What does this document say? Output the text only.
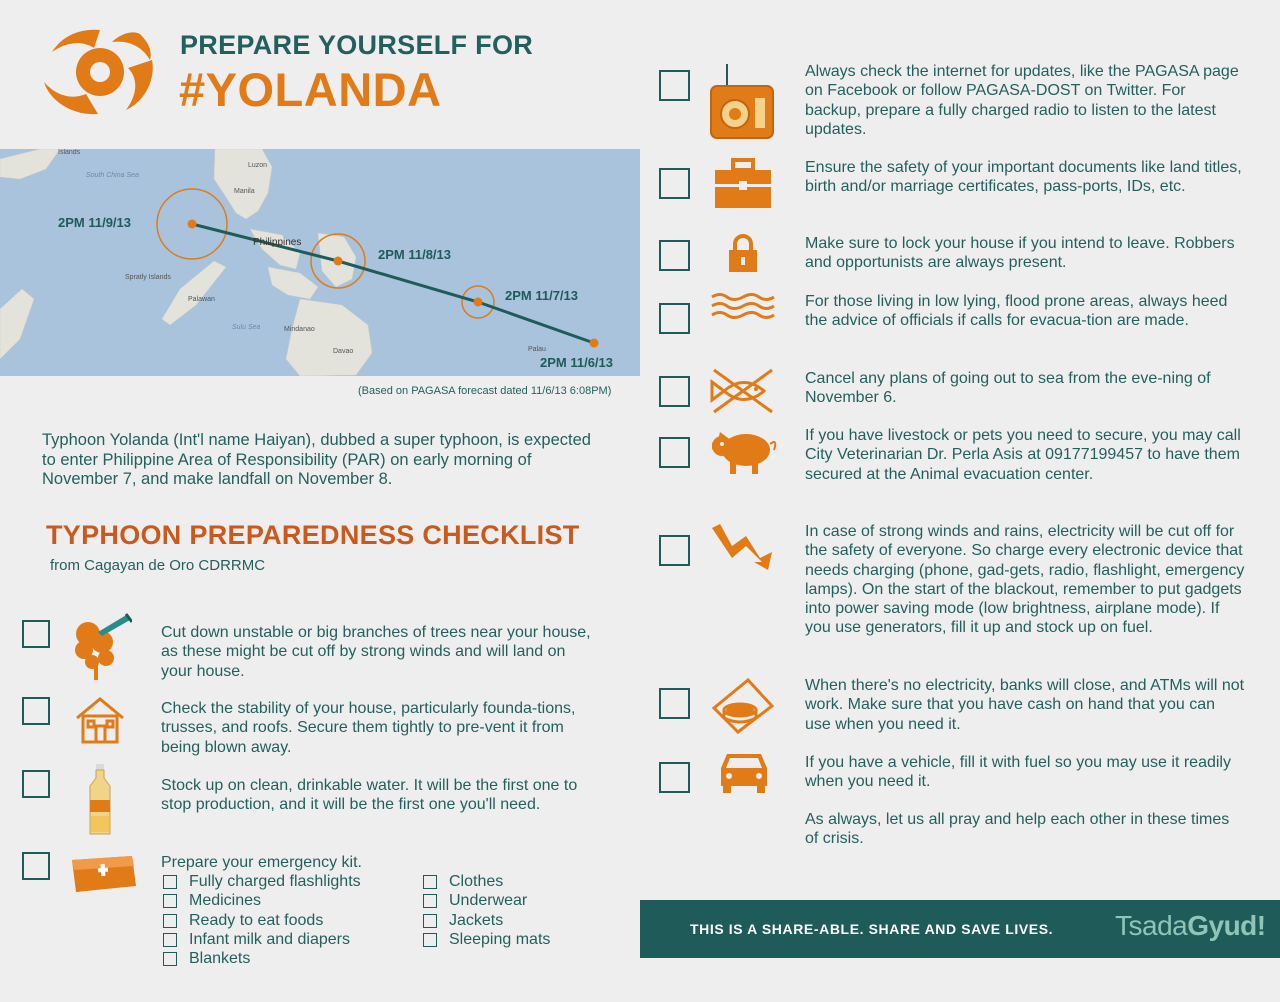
PREPARE YOURSELF FOR
#YOLANDA
Islands
South China Sea
Luzon
Manila
Spratly Islands
Palawan
Sulu Sea	Mindanao
Davao	Palau
Philippines
2PM 11/9/13
2PM 11/8/13
2PM 11/7/13
2PM 11/6/13
(Based on PAGASA forecast dated 11/6/13 6:08PM)
Typhoon Yolanda (Int'l name Haiyan), dubbed a super typhoon, is expected to enter Philippine Area of Responsibility (PAR) on early morning of November 7, and make landfall on November 8.
TYPHOON PREPAREDNESS CHECKLIST
from Cagayan de Oro CDRRMC
Cut down unstable or big branches of trees near your house, as these might be cut off by strong winds and will land on your house.
Check the stability of your house, particularly founda-tions, trusses, and roofs. Secure them tightly to pre-vent it from being blown away.
Stock up on clean, drinkable water. It will be the first one to stop production, and it will be the first one you'll need.
Prepare your emergency kit.
Fully charged flashlights
Medicines
Ready to eat foods
Infant milk and diapers
Blankets
Clothes
Underwear
Jackets
Sleeping mats
Always check the internet for updates, like the PAGASA page on Facebook or follow PAGASA-DOST on Twitter. For backup, prepare a fully charged radio to listen to the latest updates.
Ensure the safety of your important documents like land titles, birth and/or marriage certificates, pass-ports, IDs, etc.
Make sure to lock your house if you intend to leave. Robbers and opportunists are always present.
For those living in low lying, flood prone areas, always heed the advice of officials if calls for evacua-tion are made.
Cancel any plans of going out to sea from the eve-ning of November 6.
If you have livestock or pets you need to secure, you may call City Veterinarian Dr. Perla Asis at 09177199457 to have them secured at the Animal evacuation center.
In case of strong winds and rains, electricity will be cut off for the safety of everyone. So charge every electronic device that needs charging (phone, gad-gets, radio, flashlight, emergency lamps). On the start of the blackout, remember to put gadgets into power saving mode (low brightness, airplane mode). If you use generators, fill it up and stock up on fuel.
When there's no electricity, banks will close, and ATMs will not work. Make sure that you have cash on hand that you can use when you need it.
If you have a vehicle, fill it with fuel so you may use it readily when you need it.
As always, let us all pray and help each other in these times of crisis.
THIS IS A SHARE-ABLE. SHARE AND SAVE LIVES. TsadaGyud!
